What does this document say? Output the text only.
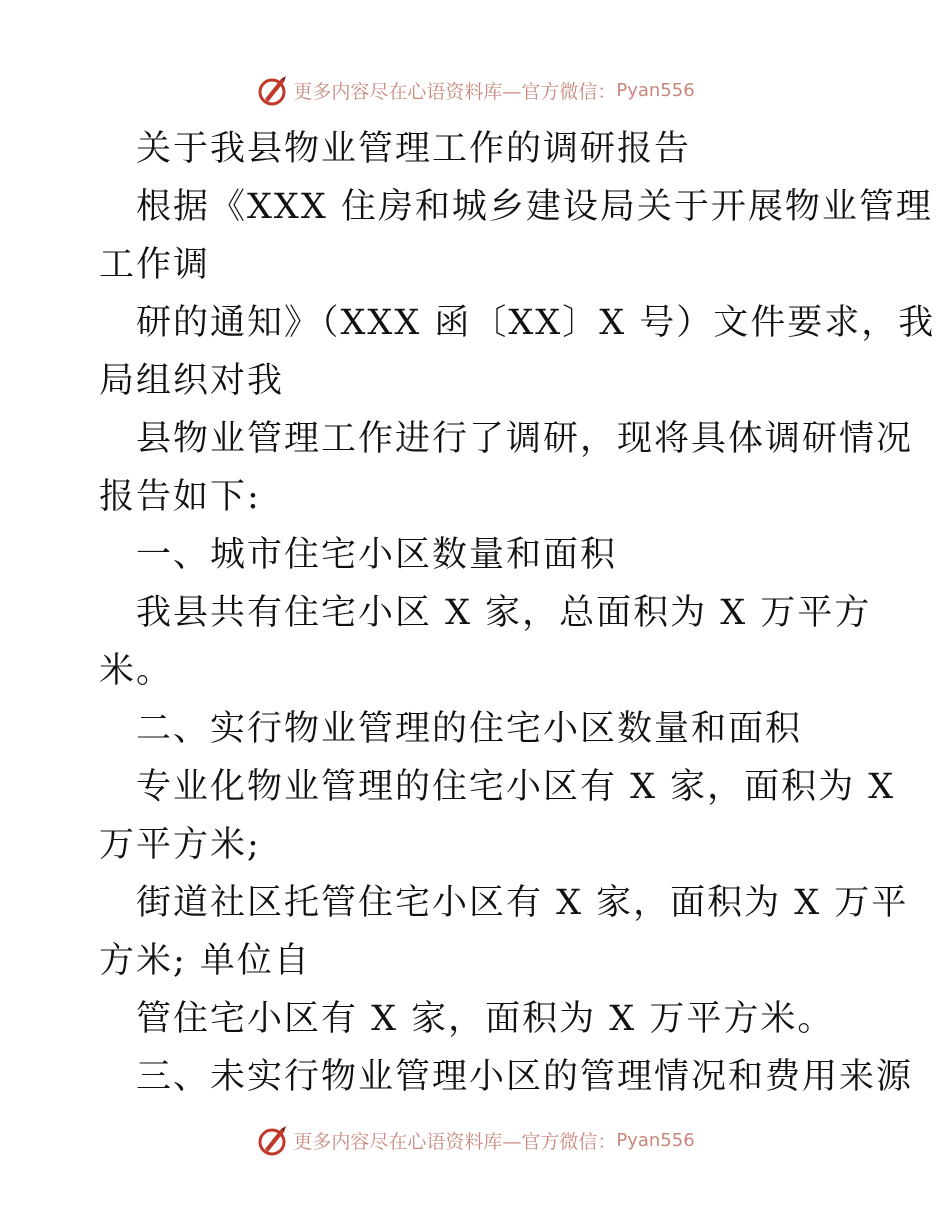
更多内容尽在心语资料库—官方微信： Pyan556
关于我县物业管理工作的调研报告
根据《XXX 住房和城乡建设局关于开展物业管理
工作调
研的通知》（XXX 函〔XX〕X 号）文件要求，我
局组织对我
县物业管理工作进行了调研，现将具体调研情况
报告如下:
一、城市住宅小区数量和面积
我县共有住宅小区 X 家，总面积为 X 万平方
米。
二、实行物业管理的住宅小区数量和面积
专业化物业管理的住宅小区有 X 家，面积为 X
万平方米;
街道社区托管住宅小区有 X 家，面积为 X 万平
方米; 单位自
管住宅小区有 X 家，面积为 X 万平方米。
三、未实行物业管理小区的管理情况和费用来源
更多内容尽在心语资料库—官方微信： Pyan556
